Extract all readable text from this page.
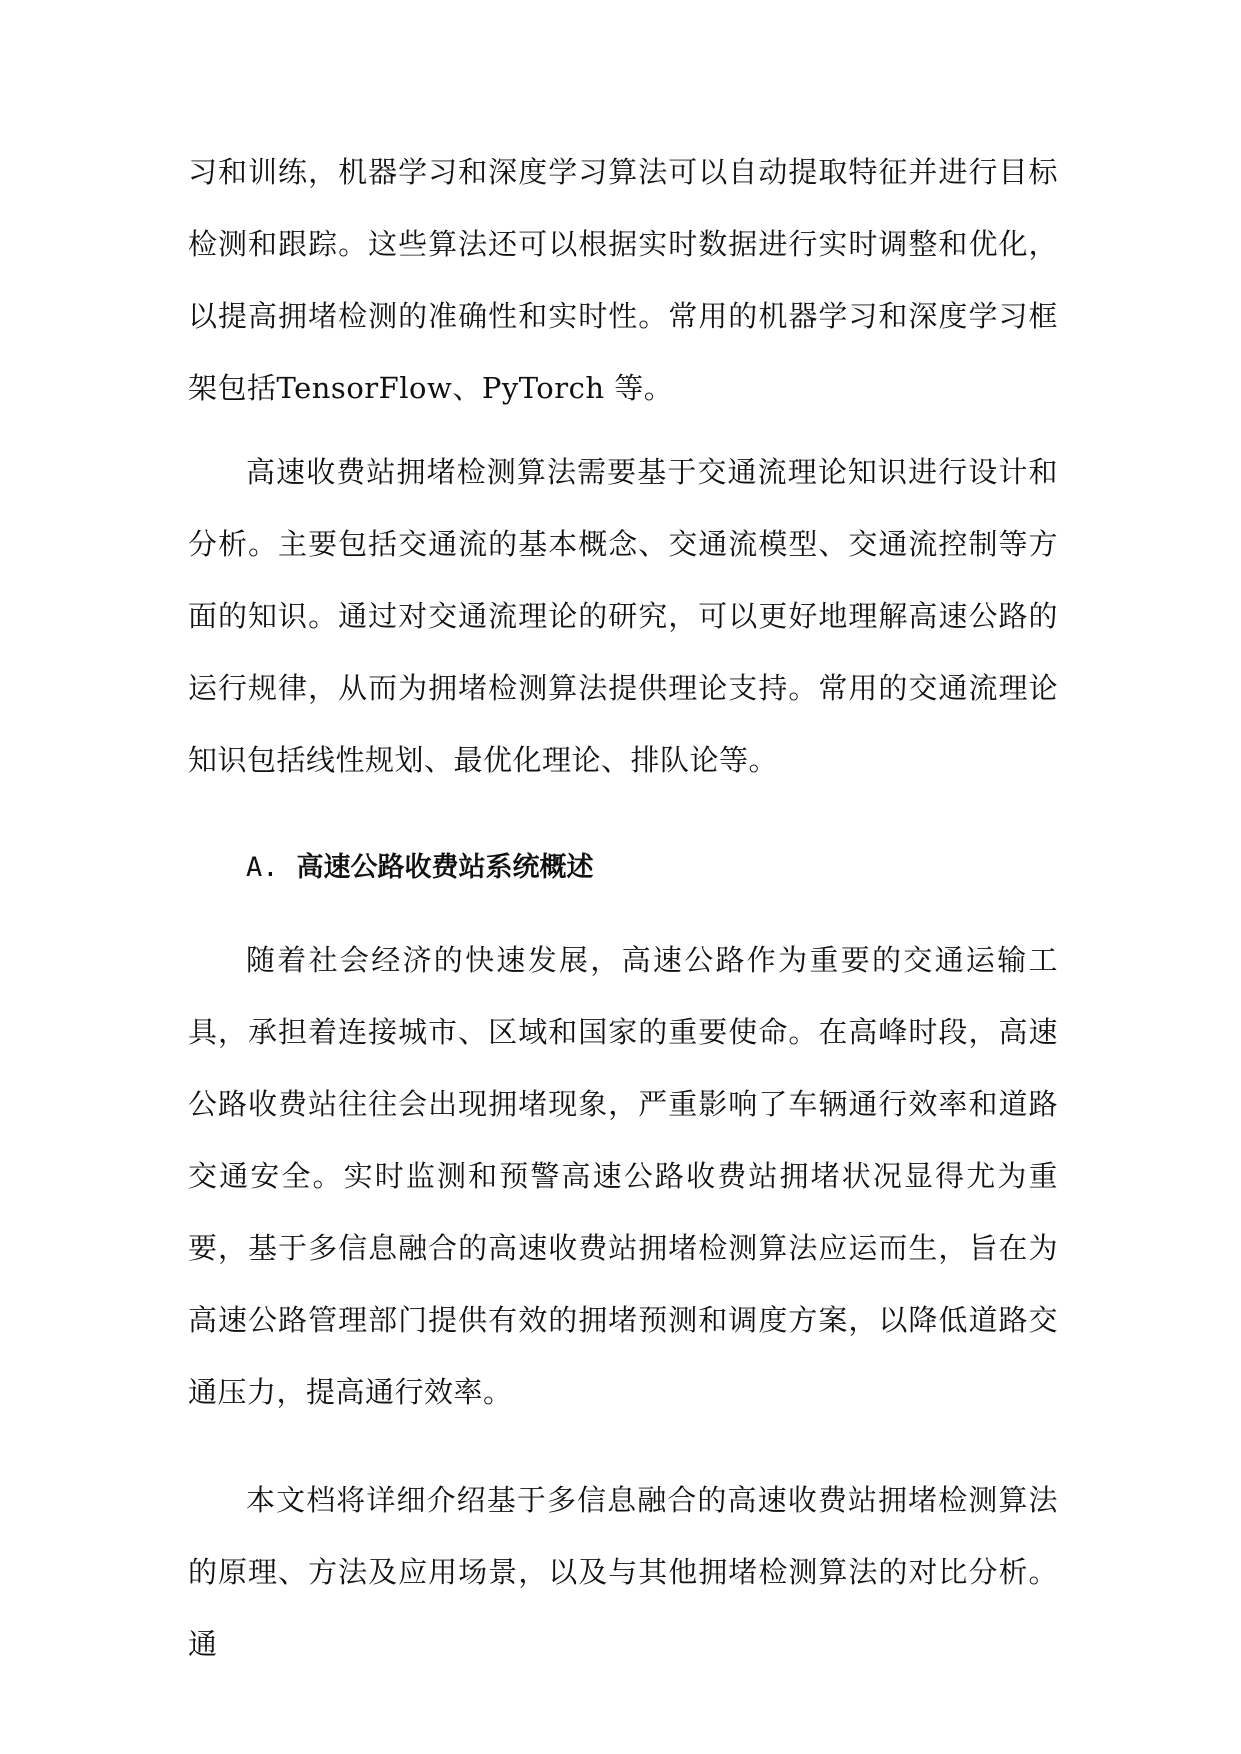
习和训练，机器学习和深度学习算法可以自动提取特征并进行目标检测和跟踪。这些算法还可以根据实时数据进行实时调整和优化，以提高拥堵检测的准确性和实时性。常用的机器学习和深度学习框架包括TensorFlow、PyTorch 等。

高速收费站拥堵检测算法需要基于交通流理论知识进行设计和分析。主要包括交通流的基本概念、交通流模型、交通流控制等方面的知识。通过对交通流理论的研究，可以更好地理解高速公路的运行规律，从而为拥堵检测算法提供理论支持。常用的交通流理论知识包括线性规划、最优化理论、排队论等。

A. 高速公路收费站系统概述

随着社会经济的快速发展，高速公路作为重要的交通运输工具，承担着连接城市、区域和国家的重要使命。在高峰时段，高速公路收费站往往会出现拥堵现象，严重影响了车辆通行效率和道路交通安全。实时监测和预警高速公路收费站拥堵状况显得尤为重要，基于多信息融合的高速收费站拥堵检测算法应运而生，旨在为高速公路管理部门提供有效的拥堵预测和调度方案，以降低道路交通压力，提高通行效率。

本文档将详细介绍基于多信息融合的高速收费站拥堵检测算法的原理、方法及应用场景，以及与其他拥堵检测算法的对比分析。通
